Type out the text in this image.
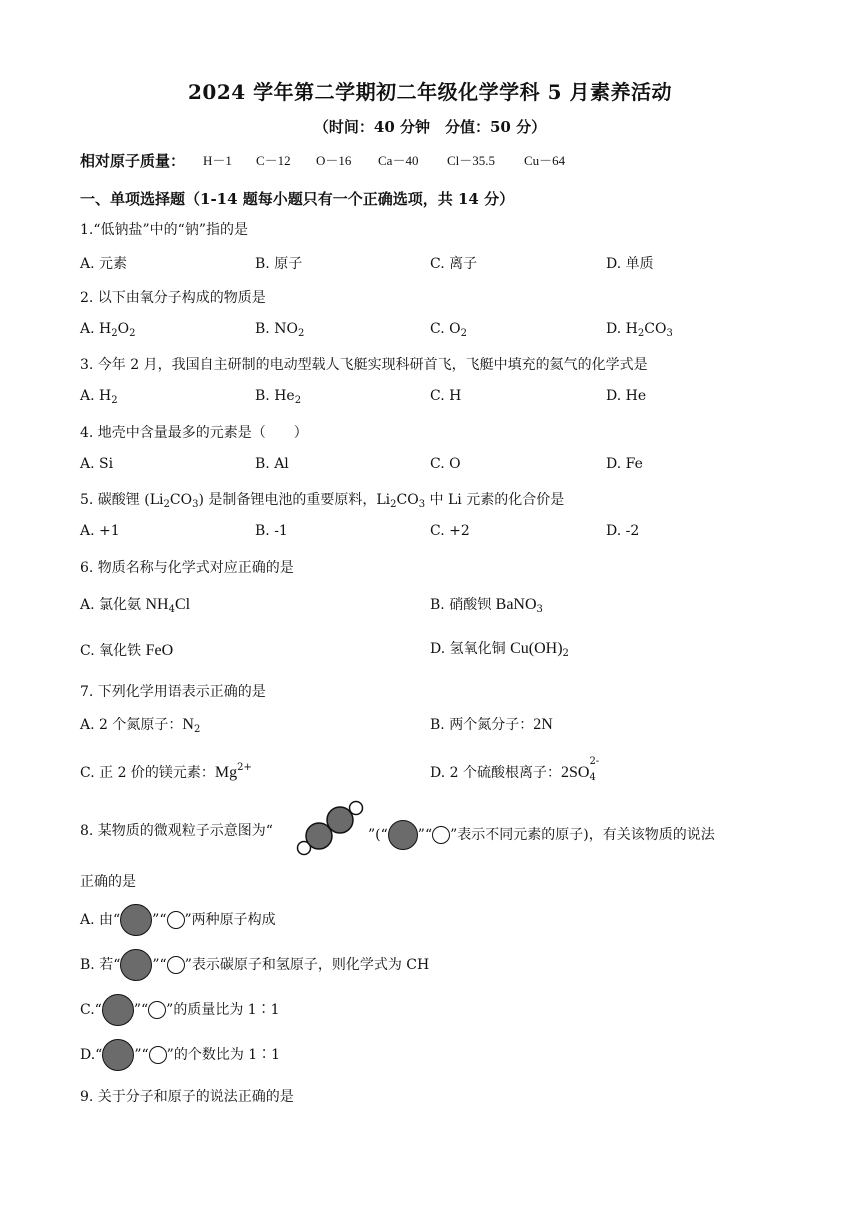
2024 学年第二学期初二年级化学学科 5 月素养活动
（时间：40 分钟　分值：50 分）
相对原子质量： H－1 C－12 O－16 Ca－40 Cl－35.5 Cu－64
一、单项选择题（1-14 题每小题只有一个正确选项，共 14 分）
1.“低钠盐”中的“钠”指的是
A. 元素	B. 原子	C. 离子	D. 单质
2. 以下由氧分子构成的物质是
A. $H_2O_2$	B. $NO_2$	C. $O_2$	D. $H_2CO_3$
3. 今年 2 月，我国自主研制的电动型载人飞艇实现科研首飞，飞艇中填充的氦气的化学式是
A. $H_2$	B. $He_2$	C. H	D. He
4. 地壳中含量最多的元素是（　　）
A. Si	B. Al	C. O	D. Fe
5. 碳酸锂 $(Li_2CO_3)$ 是制备锂电池的重要原料，$Li_2CO_3$ 中 Li 元素的化合价是
A. +1	B. -1	C. +2	D. -2
6. 物质名称与化学式对应正确的是
A. 氯化氨 $NH_4Cl$	B. 硝酸钡 BaNO$_3$
C. 氧化铁 FeO	D. 氢氧化铜 $Cu(OH)_2$
7. 下列化学用语表示正确的是
A. 2 个氮原子：$N_2$	B. 两个氮分子：2N
C. 正 2 价的镁元素：$Mg^{2+}$	D. 2 个硫酸根离子：2SO
2-
4
8. 某物质的微观粒子示意图为“	”(“ ”“ ”表示不同元素的原子)，有关该物质的说法
正确的是
A. 由“ ”“ ”两种原子构成
B. 若“ ”“ ”表示碳原子和氢原子，则化学式为 CH
C.“ ”“ ”的质量比为 1∶1
D.“ ”“ ”的个数比为 1∶1
9. 关于分子和原子的说法正确的是
